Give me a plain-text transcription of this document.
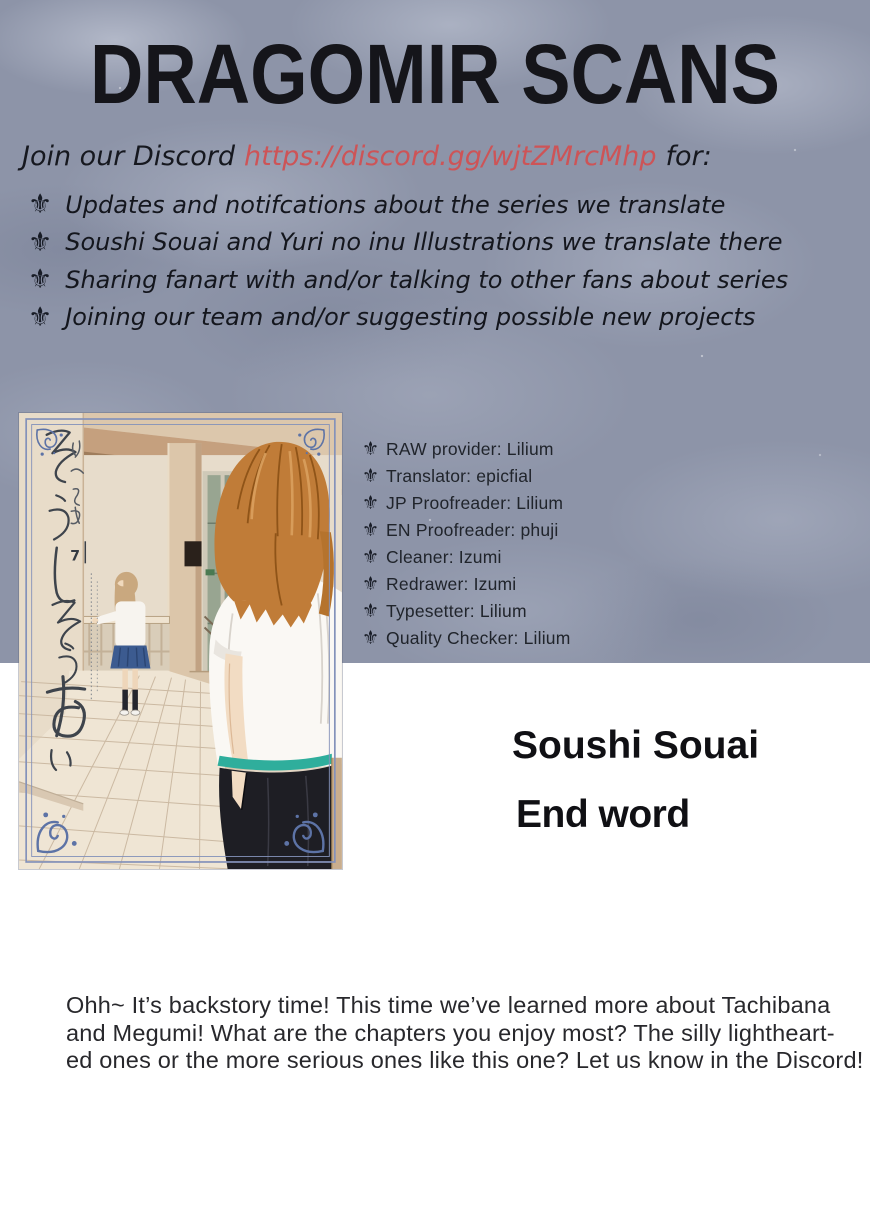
DRAGOMIR SCANS
Join our Discord https://discord.gg/wjtZMrcMhp for:
⚜ Updates and notifcations about the series we translate
⚜ Soushi Souai and Yuri no inu Illustrations we translate there
⚜ Sharing fanart with and/or talking to other fans about series
⚜ Joining our team and/or suggesting possible new projects
7
⚜ RAW provider: Lilium
⚜ Translator: epicfial
⚜ JP Proofreader: Lilium
⚜ EN Proofreader: phuji
⚜ Cleaner: Izumi
⚜ Redrawer: Izumi
⚜ Typesetter: Lilium
⚜ Quality Checker: Lilium
Soushi Souai
End word
Ohh~ It’s backstory time! This time we’ve learned more about Tachibana
and Megumi! What are the chapters you enjoy most? The silly lightheart-
ed ones or the more serious ones like this one? Let us know in the Discord!
